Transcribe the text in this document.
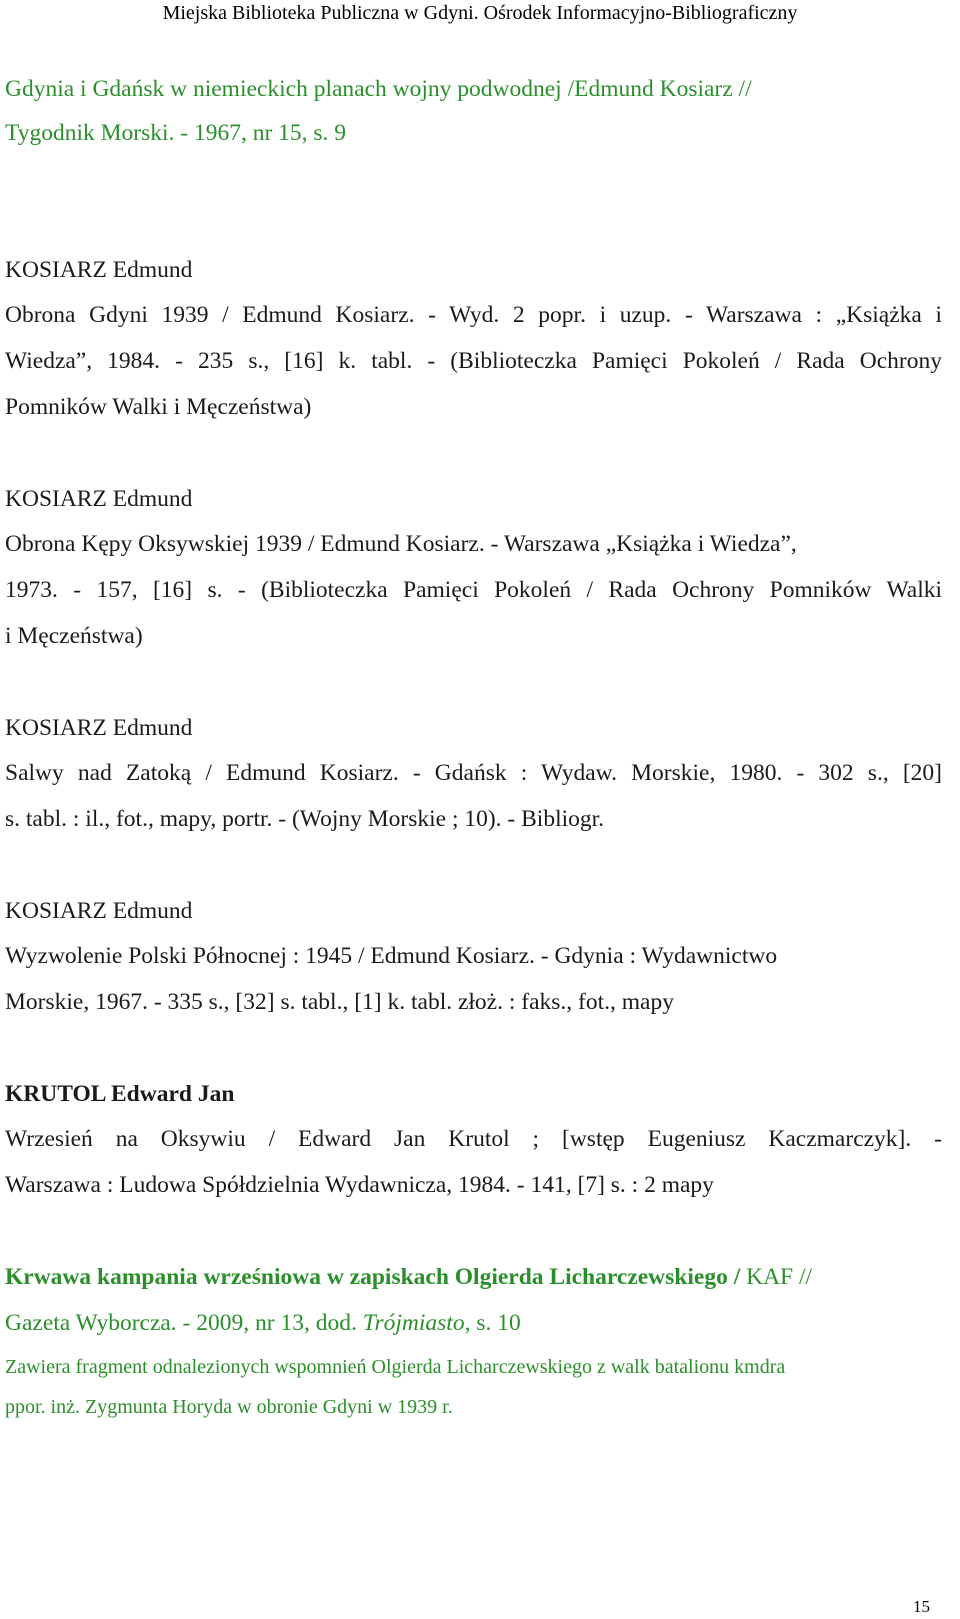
Miejska Biblioteka Publiczna w Gdyni. Ośrodek Informacyjno-Bibliograficzny
Gdynia i Gdańsk w niemieckich planach wojny podwodnej /Edmund Kosiarz //
Tygodnik Morski. - 1967, nr 15, s. 9
KOSIARZ Edmund
Obrona Gdyni 1939 / Edmund Kosiarz. - Wyd. 2 popr. i uzup. - Warszawa : „Książka i
Wiedza”, 1984. - 235 s., [16] k. tabl. - (Biblioteczka Pamięci Pokoleń / Rada Ochrony
Pomników Walki i Męczeństwa)
KOSIARZ Edmund
Obrona Kępy Oksywskiej 1939 / Edmund Kosiarz. - Warszawa „Książka i Wiedza”,
1973. - 157, [16] s. - (Biblioteczka Pamięci Pokoleń / Rada Ochrony Pomników Walki
i Męczeństwa)
KOSIARZ Edmund
Salwy nad Zatoką / Edmund Kosiarz. - Gdańsk : Wydaw. Morskie, 1980. - 302 s., [20]
s. tabl. : il., fot., mapy, portr. - (Wojny Morskie ; 10). - Bibliogr.
KOSIARZ Edmund
Wyzwolenie Polski Północnej : 1945 / Edmund Kosiarz. - Gdynia : Wydawnictwo
Morskie, 1967. - 335 s., [32] s. tabl., [1] k. tabl. złoż. : faks., fot., mapy
KRUTOL Edward Jan
Wrzesień na Oksywiu / Edward Jan Krutol ; [wstęp Eugeniusz Kaczmarczyk]. -
Warszawa : Ludowa Spółdzielnia Wydawnicza, 1984. - 141, [7] s. : 2 mapy
Krwawa kampania wrześniowa w zapiskach Olgierda Licharczewskiego / KAF //
Gazeta Wyborcza. - 2009, nr 13, dod. Trójmiasto, s. 10
Zawiera fragment odnalezionych wspomnień Olgierda Licharczewskiego z walk batalionu kmdra
ppor. inż. Zygmunta Horyda w obronie Gdyni w 1939 r.
15
